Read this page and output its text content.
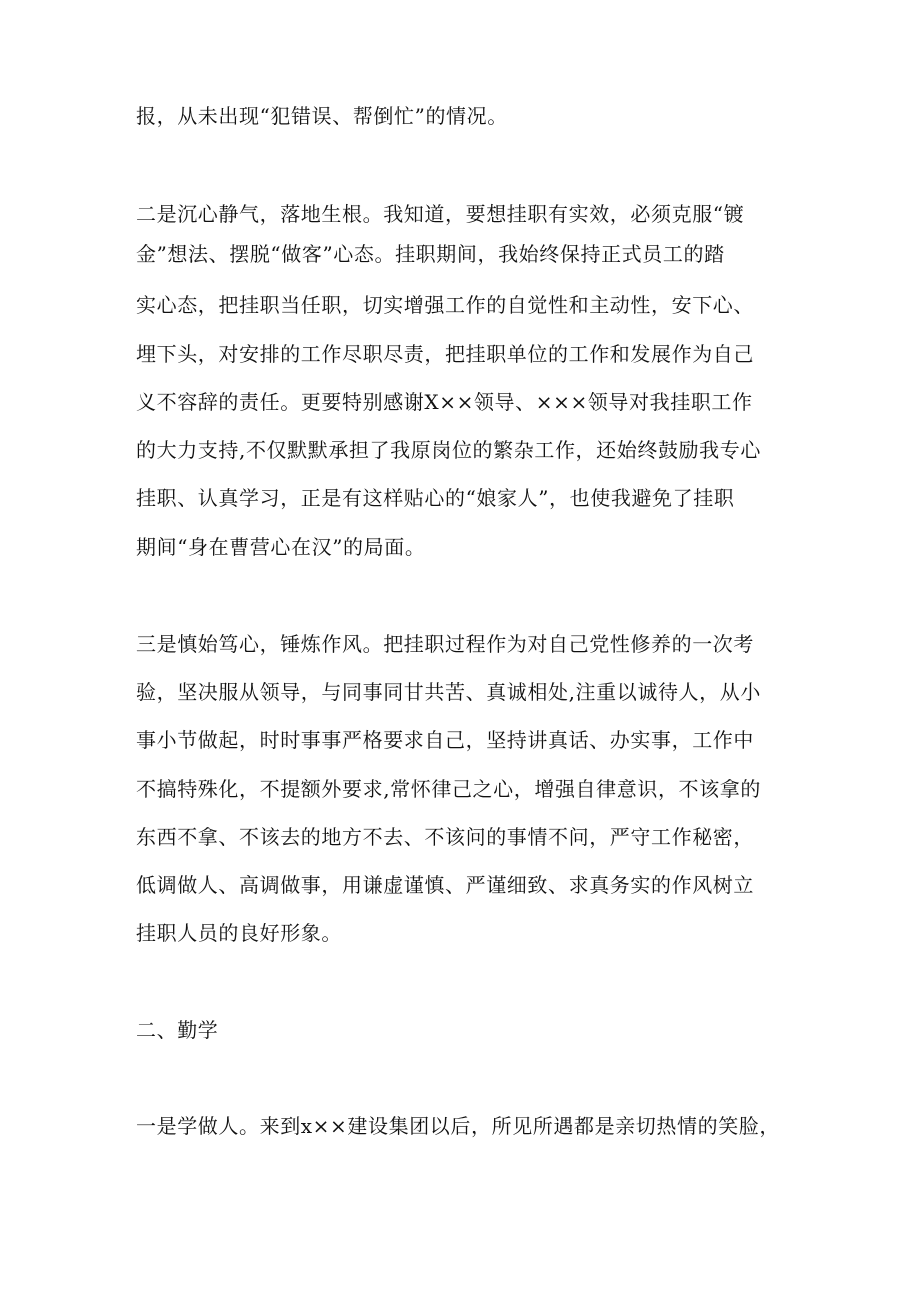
报，从未出现“犯错误、帮倒忙”的情况。

二是沉心静气，落地生根。我知道，要想挂职有实效，必须克服“镀

金”想法、摆脱“做客”心态。挂职期间，我始终保持正式员工的踏

实心态，把挂职当任职，切实增强工作的自觉性和主动性，安下心、

埋下头，对安排的工作尽职尽责，把挂职单位的工作和发展作为自己

义不容辞的责任。更要特别感谢X××领导、×××领导对我挂职工作

的大力支持,不仅默默承担了我原岗位的繁杂工作，还始终鼓励我专心

挂职、认真学习，正是有这样贴心的“娘家人”，也使我避免了挂职

期间“身在曹营心在汉”的局面。

三是慎始笃心，锤炼作风。把挂职过程作为对自己党性修养的一次考

验，坚决服从领导，与同事同甘共苦、真诚相处,注重以诚待人，从小

事小节做起，时时事事严格要求自己，坚持讲真话、办实事，工作中

不搞特殊化，不提额外要求,常怀律己之心，增强自律意识，不该拿的

东西不拿、不该去的地方不去、不该问的事情不问，严守工作秘密，

低调做人、高调做事，用谦虚谨慎、严谨细致、求真务实的作风树立

挂职人员的良好形象。

二、勤学

一是学做人。来到x××建设集团以后，所见所遇都是亲切热情的笑脸，
